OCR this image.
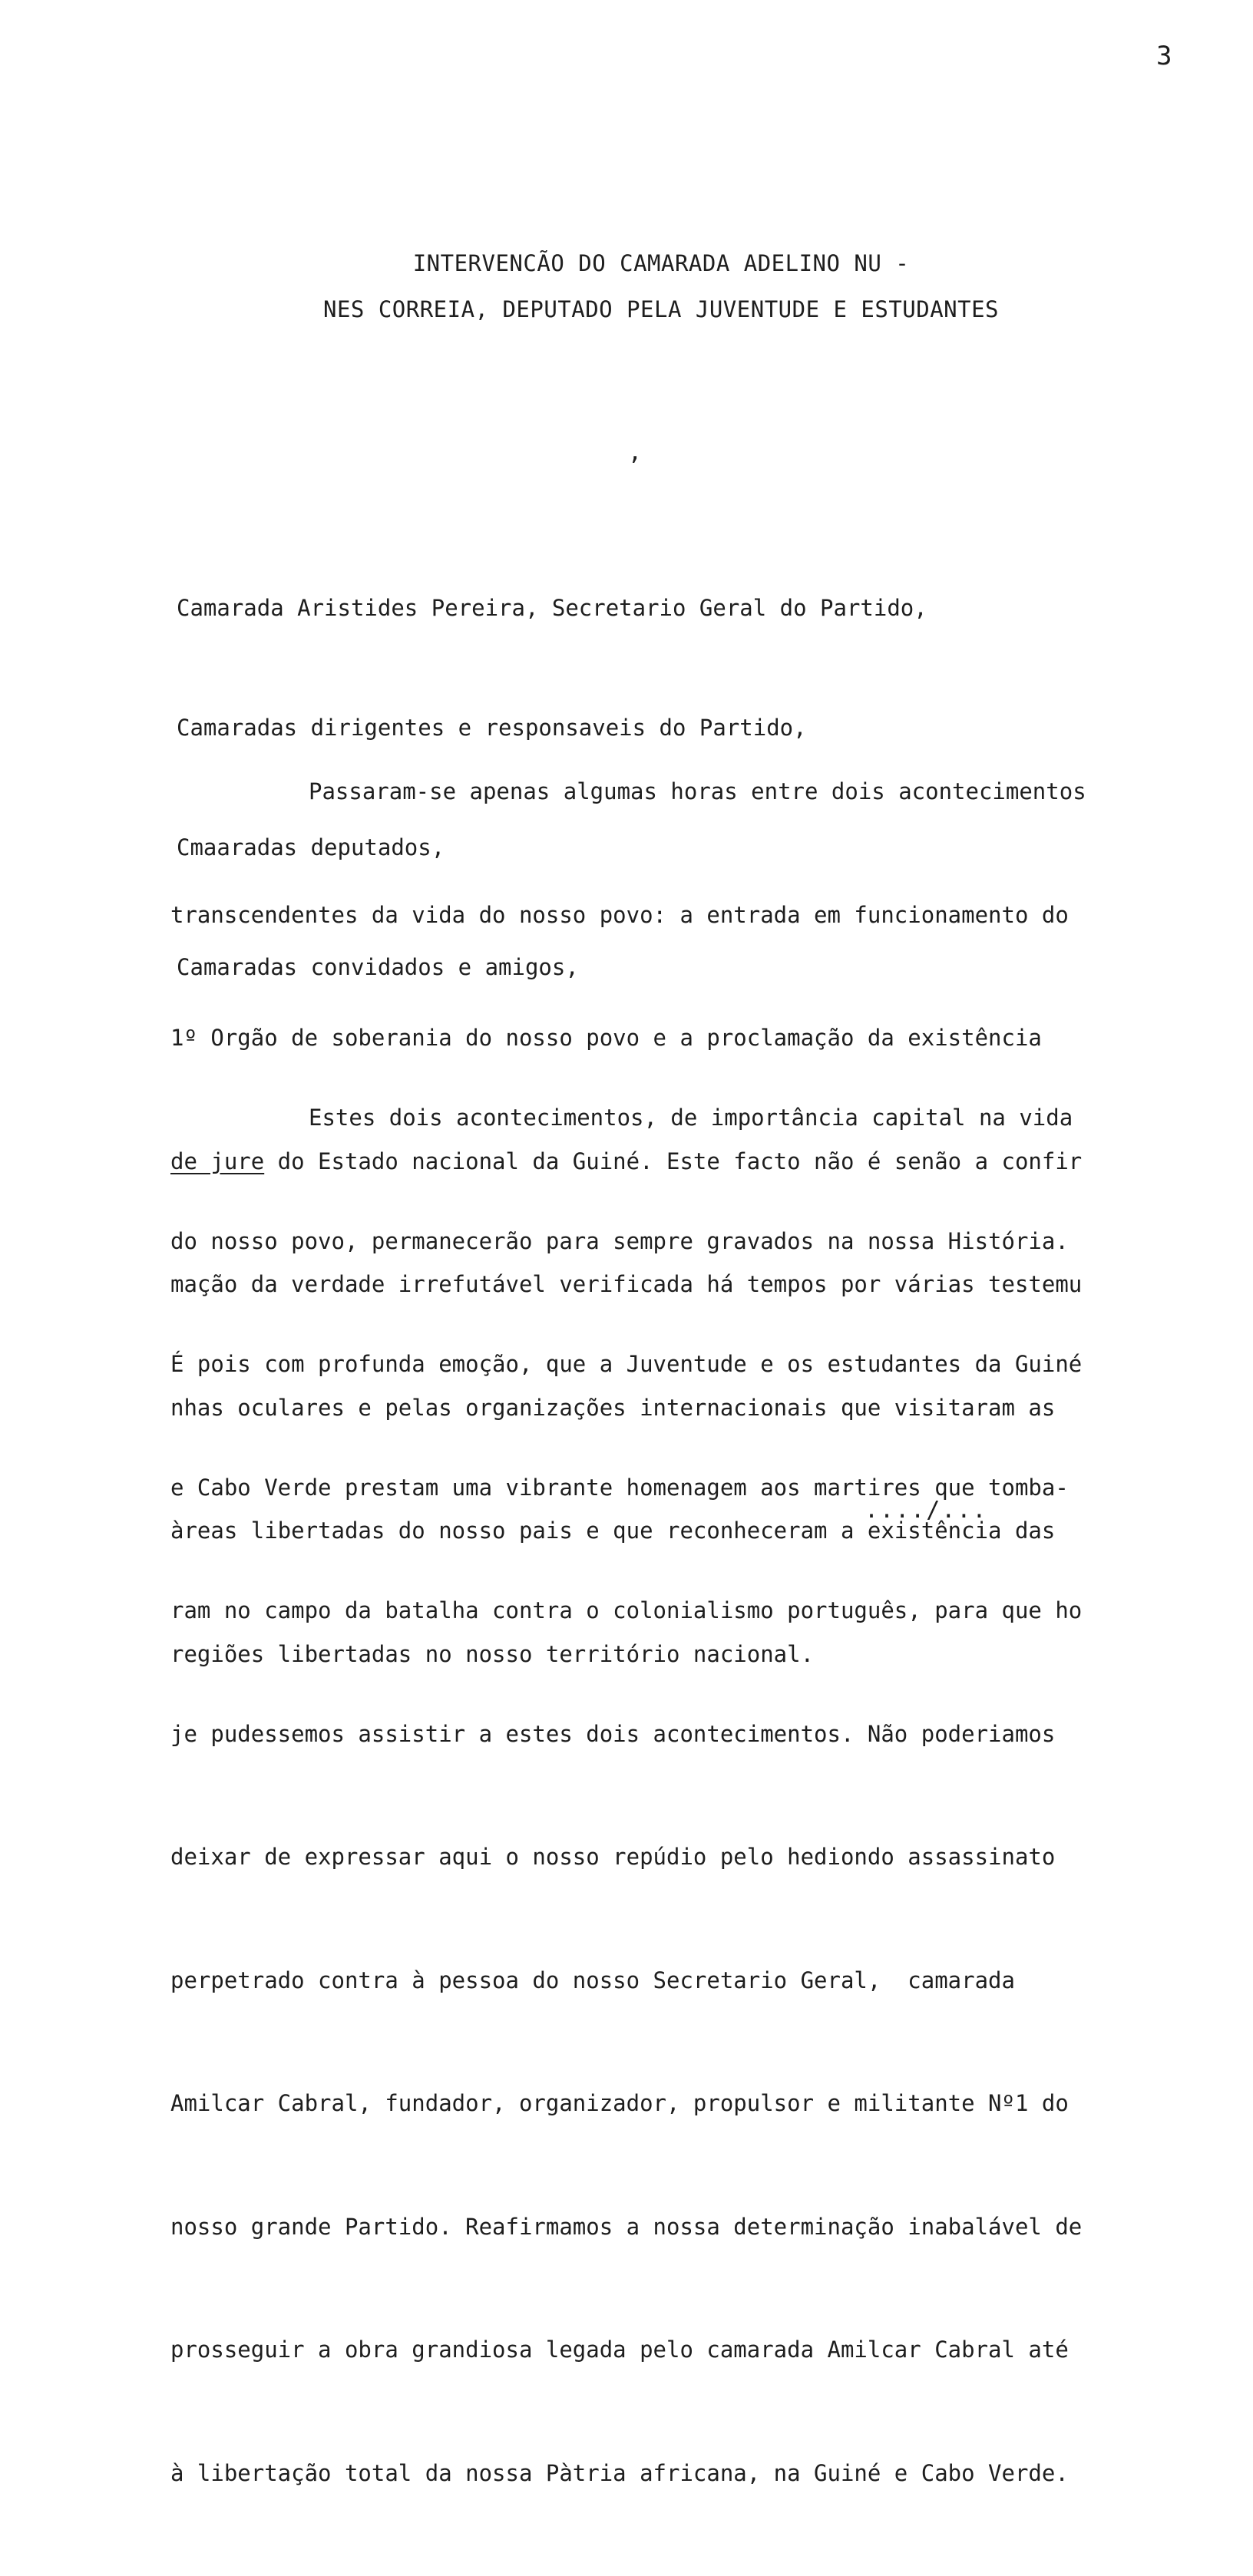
3
INTERVENCÃO DO CAMARADA ADELINO NU -
NES CORREIA, DEPUTADO PELA JUVENTUDE E ESTUDANTES
,

Camarada Aristides Pereira, Secretario Geral do Partido,

Camaradas dirigentes e responsaveis do Partido,

Cmaaradas deputados,

Camaradas convidados e amigos,

Passaram-se apenas algumas horas entre dois acontecimentos

transcendentes da vida do nosso povo: a entrada em funcionamento do

1º Orgão de soberania do nosso povo e a proclamação da existência

de jure do Estado nacional da Guiné. Este facto não é senão a confir

mação da verdade irrefutável verificada há tempos por várias testemu

nhas oculares e pelas organizações internacionais que visitaram as

àreas libertadas do nosso pais e que reconheceram a existência das

regiões libertadas no nosso território nacional.

Estes dois acontecimentos, de importância capital na vida

do nosso povo, permanecerão para sempre gravados na nossa História.

É pois com profunda emoção, que a Juventude e os estudantes da Guiné

e Cabo Verde prestam uma vibrante homenagem aos martires que tomba-

ram no campo da batalha contra o colonialismo português, para que ho

je pudessemos assistir a estes dois acontecimentos. Não poderiamos

deixar de expressar aqui o nosso repúdio pelo hediondo assassinato

perpetrado contra à pessoa do nosso Secretario Geral,  camarada

Amilcar Cabral, fundador, organizador, propulsor e militante Nº1 do

nosso grande Partido. Reafirmamos a nossa determinação inabalável de

prosseguir a obra grandiosa legada pelo camarada Amilcar Cabral até

à libertação total da nossa Pàtria africana, na Guiné e Cabo Verde.

..../...
